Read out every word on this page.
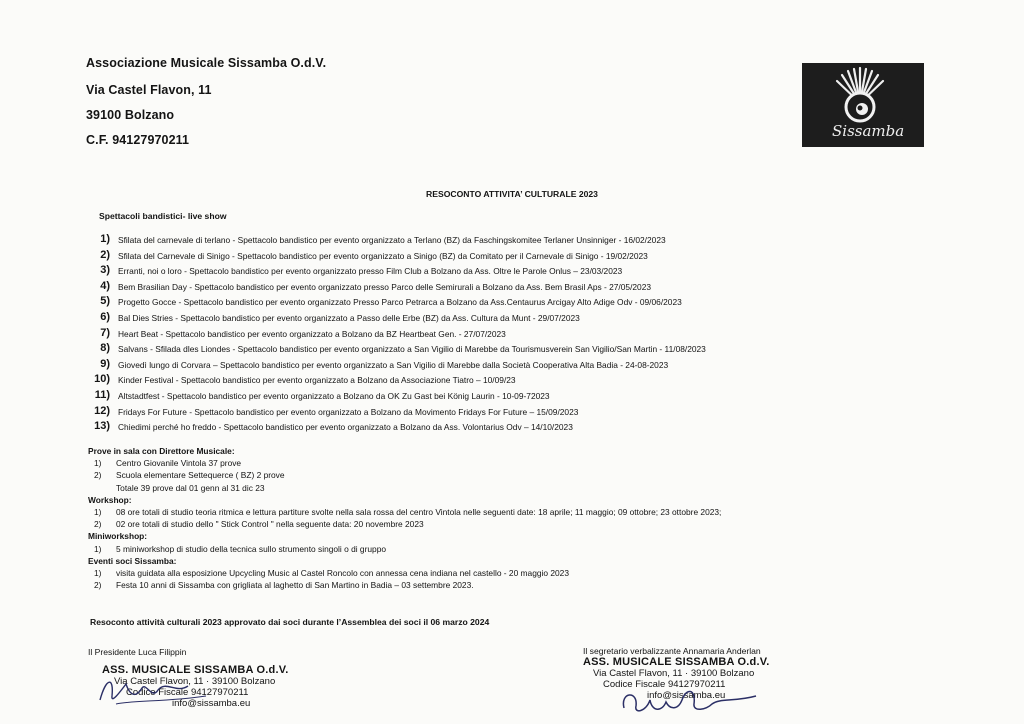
Associazione Musicale Sissamba O.d.V.
Via Castel Flavon, 11
39100 Bolzano
C.F. 94127970211	Sissamba
RESOCONTO ATTIVITA’ CULTURALE 2023
Spettacoli bandistici- live show
1) Sfilata del carnevale di terlano - Spettacolo bandistico per evento organizzato a Terlano (BZ) da Faschingskomitee Terlaner Unsinniger - 16/02/2023
2) Sfilata del Carnevale di Sinigo - Spettacolo bandistico per evento organizzato a Sinigo (BZ) da Comitato per il Carnevale di Sinigo - 19/02/2023
3) Erranti, noi o loro - Spettacolo bandistico per evento organizzato presso Film Club a Bolzano da Ass. Oltre le Parole Onlus – 23/03/2023
4) Bem Brasilian Day - Spettacolo bandistico per evento organizzato presso Parco delle Semirurali a Bolzano da Ass. Bem Brasil Aps - 27/05/2023
5) Progetto Gocce - Spettacolo bandistico per evento organizzato Presso Parco Petrarca a Bolzano da Ass.Centaurus Arcigay Alto Adige Odv - 09/06/2023
6) Bal Dies Stries - Spettacolo bandistico per evento organizzato a Passo delle Erbe (BZ) da Ass. Cultura da Munt - 29/07/2023
7) Heart Beat - Spettacolo bandistico per evento organizzato a Bolzano da BZ Heartbeat Gen. - 27/07/2023
8) Salvans - Sfilada dles Liondes - Spettacolo bandistico per evento organizzato a San Vigilio di Marebbe da Tourismusverein San Vigilio/San Martin - 11/08/2023
9) Giovedì lungo di Corvara – Spettacolo bandistico per evento organizzato a San Vigilio di Marebbe dalla Società Cooperativa Alta Badia - 24-08-2023
10) Kinder Festival - Spettacolo bandistico per evento organizzato a Bolzano da Associazione Tiatro – 10/09/23
11) Altstadtfest - Spettacolo bandistico per evento organizzato a Bolzano da OK Zu Gast bei König Laurin - 10-09-72023
12) Fridays For Future - Spettacolo bandistico per evento organizzato a Bolzano da Movimento Fridays For Future – 15/09/2023
13) Chiedimi perché ho freddo - Spettacolo bandistico per evento organizzato a Bolzano da Ass. Volontarius Odv – 14/10/2023
Prove in sala con Direttore Musicale:
1) Centro Giovanile Vintola 37 prove
2) Scuola elementare Settequerce ( BZ) 2 prove
Totale 39 prove dal 01 genn al 31 dic 23
Workshop:
1) 08 ore totali di studio teoria ritmica e lettura partiture svolte nella sala rossa del centro Vintola nelle seguenti date: 18 aprile; 11 maggio; 09 ottobre; 23 ottobre 2023;
2) 02 ore totali di studio dello " Stick Control " nella seguente data: 20 novembre 2023
Miniworkshop:
1) 5 miniworkshop di studio della tecnica sullo strumento singoli o di gruppo
Eventi soci Sissamba:
1) visita guidata alla esposizione Upcycling Music al Castel Roncolo con annessa cena indiana nel castello - 20 maggio 2023
2) Festa 10 anni di Sissamba con grigliata al laghetto di San Martino in Badia – 03 settembre 2023.
Resoconto attività culturali 2023 approvato dai soci durante l’Assemblea dei soci il 06 marzo 2024
Il Presidente Luca Filippin	Il segretario verbalizzante Annamaria Anderlan
ASS. MUSICALE SISSAMBA O.d.V.
Via Castel Flavon, 11 · 39100 Bolzano
Codice Fiscale 94127970211
info@sissamba.eu
ASS. MUSICALE SISSAMBA O.d.V.
Via Castel Flavon, 11 · 39100 Bolzano
Codice Fiscale 94127970211
info@sissamba.eu
